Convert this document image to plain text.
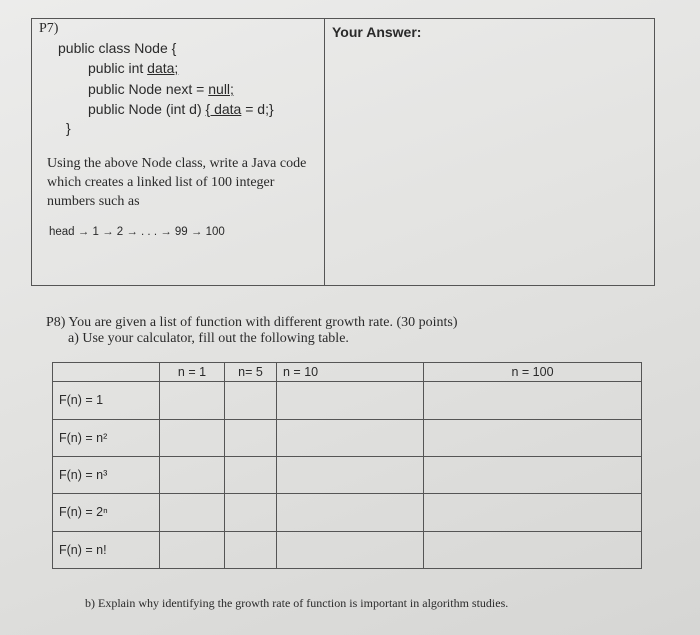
P7)	Your Answer:
public class Node {
public int data;
public Node next = null;
public Node (int d) { data = d;}
}
Using the above Node class, write a Java code which creates a linked list of 100 integer numbers such as
head → 1 → 2 → . . . → 99 → 100
P8) You are given a list of function with different growth rate. (30 points)
a) Use your calculator, fill out the following table.
	n = 1	n= 5	n = 10	n = 100
F(n) = 1				
F(n) = n²				
F(n) = n³				
F(n) = 2ⁿ				
F(n) = n!				
b) Explain why identifying the growth rate of function is important in algorithm studies.
